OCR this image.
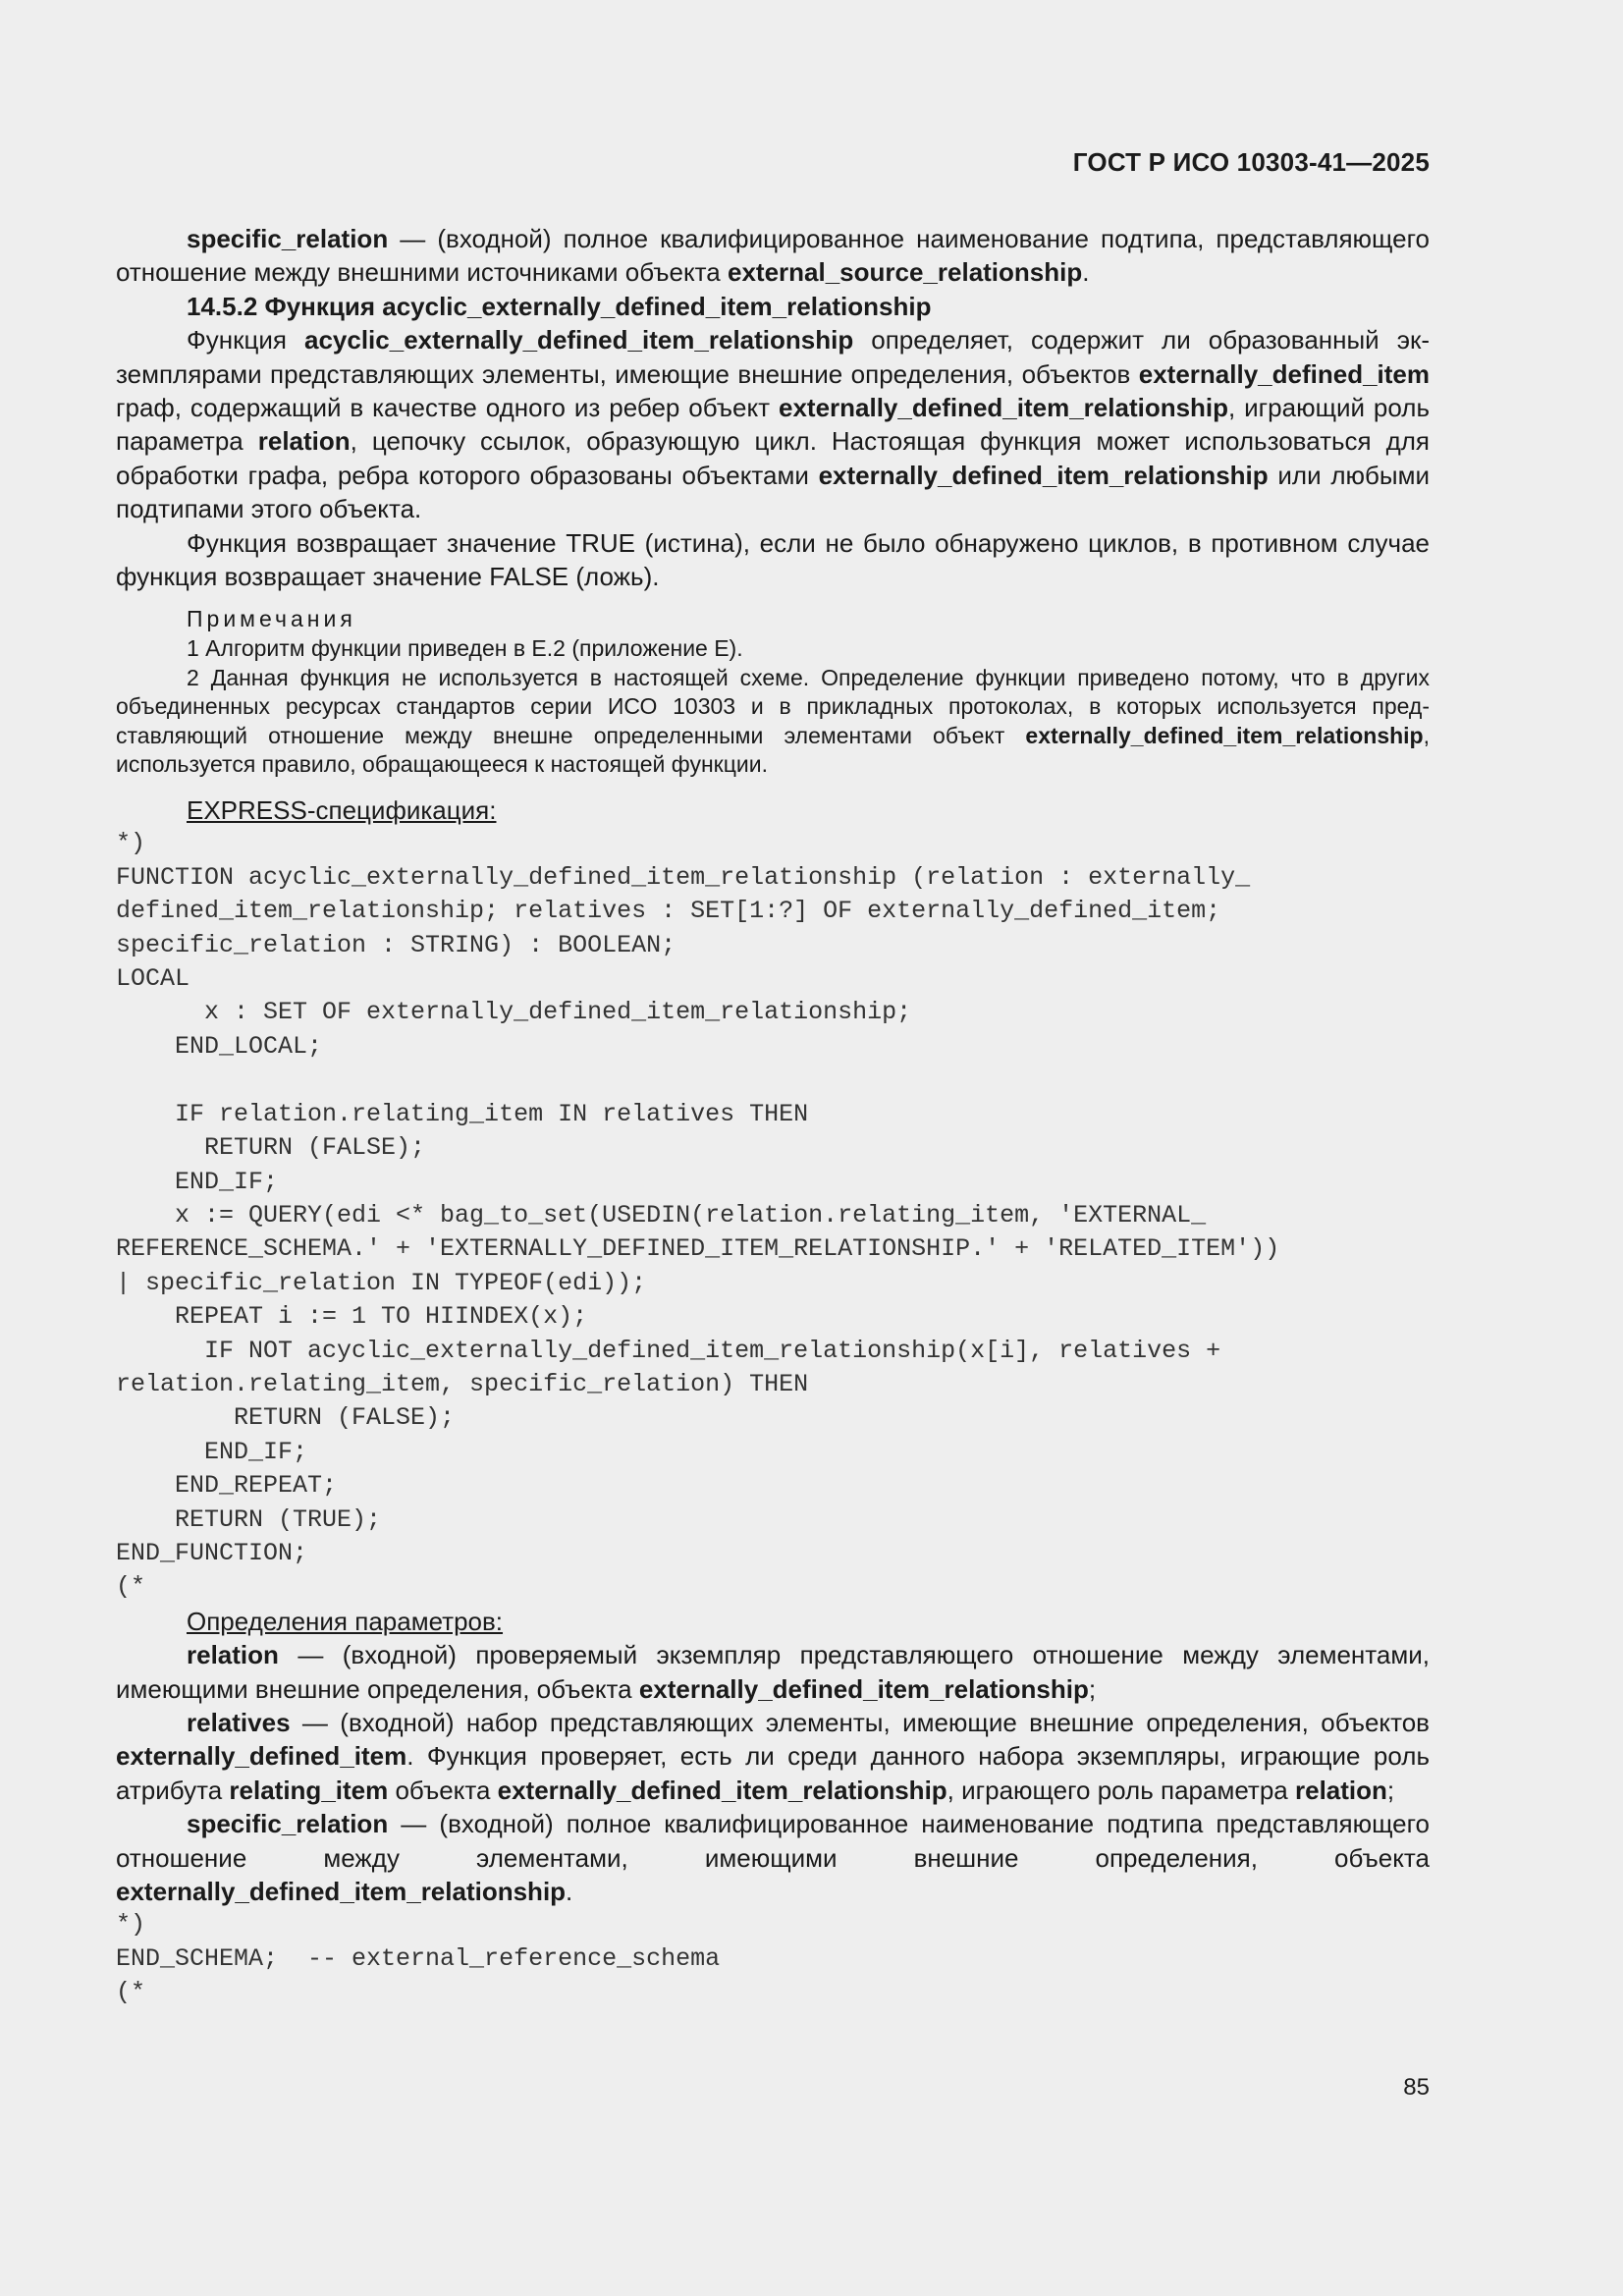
ГОСТ Р ИСО 10303-41—2025

specific_relation — (входной) полное квалифицированное наименование подтипа, представляющего отношение между внешними источниками объекта external_source_relationship.

14.5.2 Функция acyclic_externally_defined_item_relationship

Функция acyclic_externally_defined_item_relationship определяет, содержит ли образованный экземплярами представляющих элементы, имеющие внешние определения, объектов externally_defined_item граф, содержащий в качестве одного из ребер объект externally_defined_item_relationship, играющий роль параметра relation, цепочку ссылок, образующую цикл. Настоящая функция может использоваться для обработки графа, ребра которого образованы объектами externally_defined_item_relationship или любыми подтипами этого объекта.

Функция возвращает значение TRUE (истина), если не было обнаружено циклов, в противном случае функция возвращает значение FALSE (ложь).

Примечания

1 Алгоритм функции приведен в Е.2 (приложение Е).

2 Данная функция не используется в настоящей схеме. Определение функции приведено потому, что в других объединенных ресурсах стандартов серии ИСО 10303 и в прикладных протоколах, в которых используется представляющий отношение между внешне определенными элементами объект externally_defined_item_relationship, используется правило, обращающееся к настоящей функции.

EXPRESS-спецификация:

*)
FUNCTION acyclic_externally_defined_item_relationship (relation : externally_
defined_item_relationship; relatives : SET[1:?] OF externally_defined_item;
specific_relation : STRING) : BOOLEAN;
LOCAL
x : SET OF externally_defined_item_relationship;
END_LOCAL;

IF relation.relating_item IN relatives THEN
RETURN (FALSE);
END_IF;
x := QUERY(edi <* bag_to_set(USEDIN(relation.relating_item, 'EXTERNAL_
REFERENCE_SCHEMA.' + 'EXTERNALLY_DEFINED_ITEM_RELATIONSHIP.' + 'RELATED_ITEM'))
| specific_relation IN TYPEOF(edi));
REPEAT i := 1 TO HIINDEX(x);
IF NOT acyclic_externally_defined_item_relationship(x[i], relatives +
relation.relating_item, specific_relation) THEN
RETURN (FALSE);
END_IF;
END_REPEAT;
RETURN (TRUE);
END_FUNCTION;
(*

Определения параметров:

relation — (входной) проверяемый экземпляр представляющего отношение между элементами, имеющими внешние определения, объекта externally_defined_item_relationship;

relatives — (входной) набор представляющих элементы, имеющие внешние определения, объектов externally_defined_item. Функция проверяет, есть ли среди данного набора экземпляры, играющие роль атрибута relating_item объекта externally_defined_item_relationship, играющего роль параметра relation;

specific_relation — (входной) полное квалифицированное наименование подтипа представляющего отношение между элементами, имеющими внешние определения, объекта externally_defined_item_relationship.

*)
END_SCHEMA;  -- external_reference_schema
(*
85
